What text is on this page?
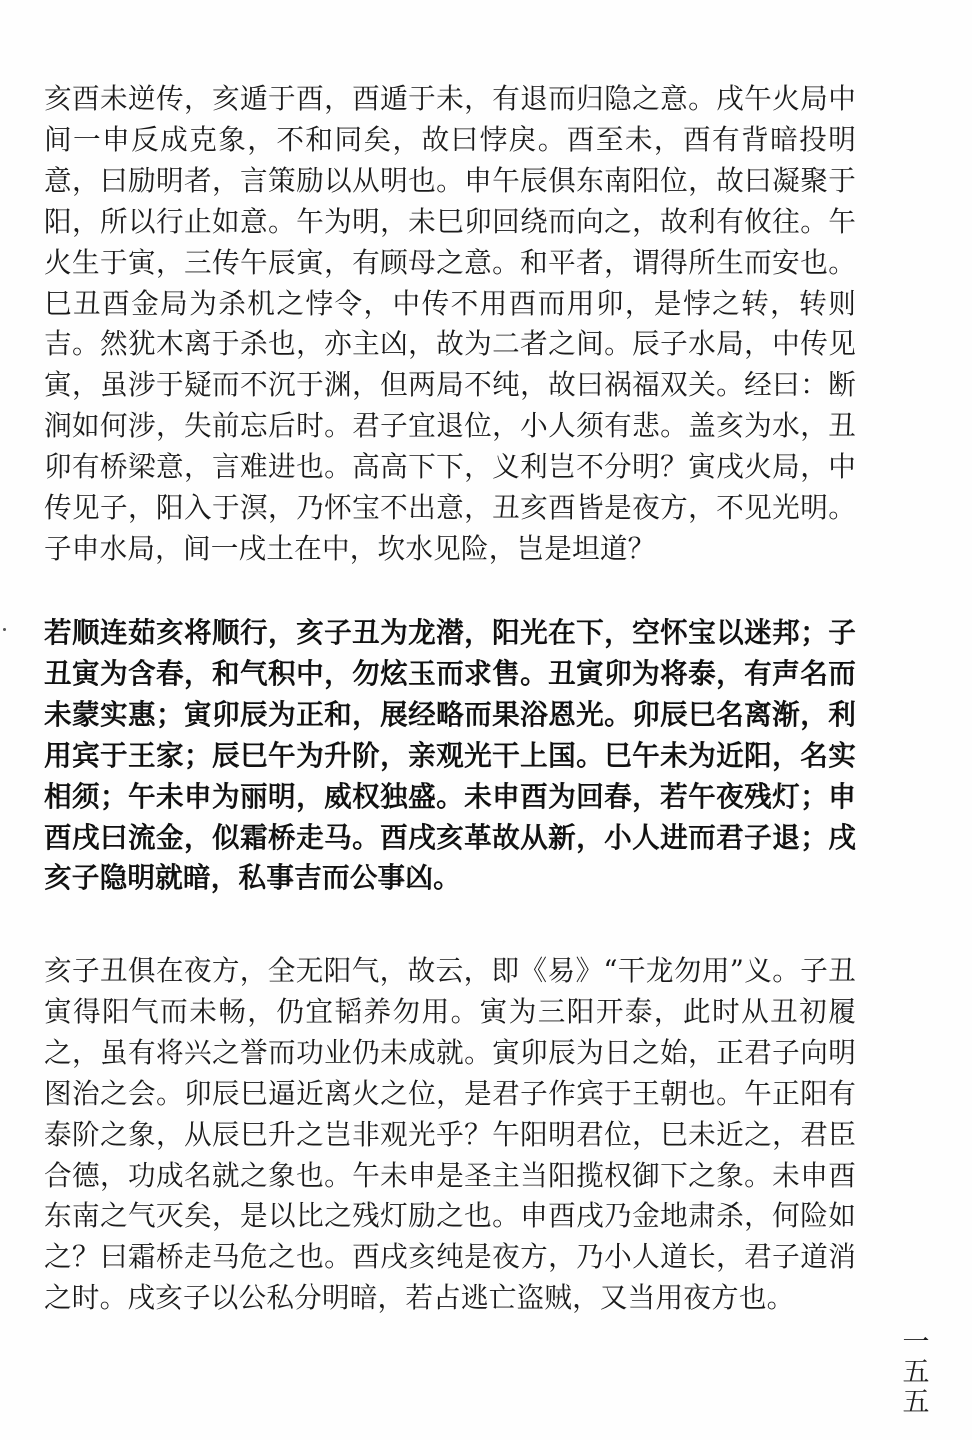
亥酉未逆传，亥遁于酉，酉遁于未，有退而归隐之意。戌午火局中间一申反成克象，不和同矣，故曰悖戾。酉至未，酉有背暗投明意，曰励明者，言策励以从明也。申午辰俱东南阳位，故曰凝聚于阳，所以行止如意。午为明，未巳卯回绕而向之，故利有攸往。午火生于寅，三传午辰寅，有顾母之意。和平者，谓得所生而安也。巳丑酉金局为杀机之悖令，中传不用酉而用卯，是悖之转，转则吉。然犹木离于杀也，亦主凶，故为二者之间。辰子水局，中传见寅，虽涉于疑而不沉于渊，但两局不纯，故曰祸福双关。经曰：断涧如何涉，失前忘后时。君子宜退位，小人须有悲。盖亥为水，丑卯有桥梁意，言难进也。高高下下，义利岂不分明？寅戌火局，中传见子，阳入于溟，乃怀宝不出意，丑亥酉皆是夜方，不见光明。子申水局，间一戌土在中，坎水见险，岂是坦道？

若顺连茹亥将顺行，亥子丑为龙潜，阳光在下，空怀宝以迷邦；子丑寅为含春，和气积中，勿炫玉而求售。丑寅卯为将泰，有声名而未蒙实惠；寅卯辰为正和，展经略而果浴恩光。卯辰巳名离渐，利用宾于王家；辰巳午为升阶，亲观光干上国。巳午未为近阳，名实相须；午未申为丽明，威权独盛。未申酉为回春，若午夜残灯；申酉戌曰流金，似霜桥走马。酉戌亥革故从新，小人进而君子退；戌亥子隐明就暗，私事吉而公事凶。

亥子丑俱在夜方，全无阳气，故云，即《易》“干龙勿用”义。子丑寅得阳气而未畅，仍宜韬养勿用。寅为三阳开泰，此时从丑初履之，虽有将兴之誉而功业仍未成就。寅卯辰为日之始，正君子向明图治之会。卯辰巳逼近离火之位，是君子作宾于王朝也。午正阳有泰阶之象，从辰巳升之岂非观光乎？午阳明君位，巳未近之，君臣合德，功成名就之象也。午未申是圣主当阳揽权御下之象。未申酉东南之气灭矣，是以比之残灯励之也。申酉戌乃金地肃杀，何险如之？曰霜桥走马危之也。酉戌亥纯是夜方，乃小人道长，君子道消之时。戌亥子以公私分明暗，若占逃亡盗贼，又当用夜方也。

一
五
五
